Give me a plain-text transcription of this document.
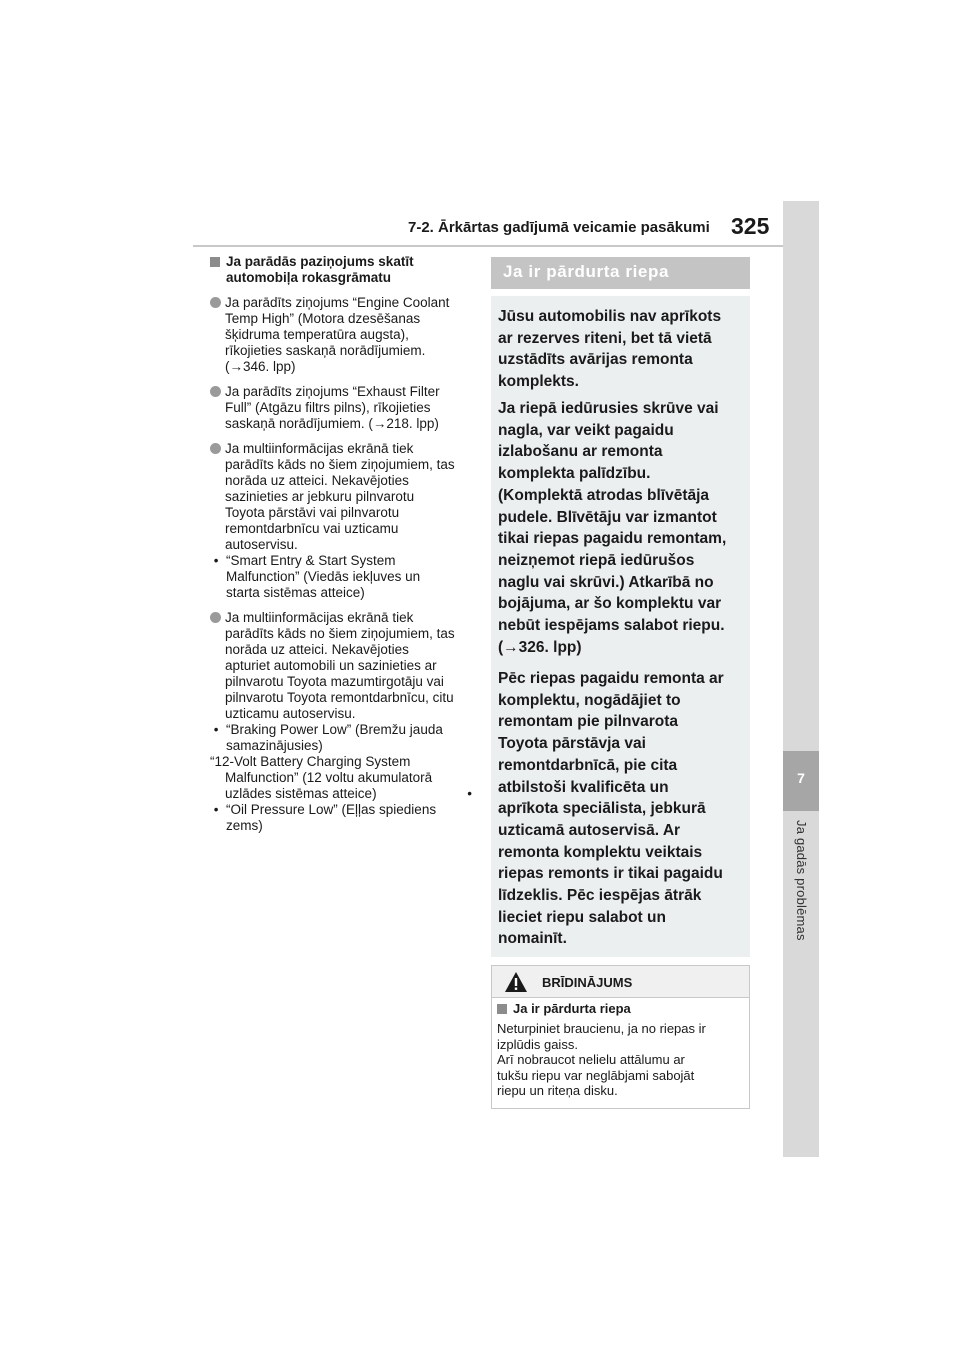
7
Ja gadās problēmas
7-2. Ārkārtas gadījumā veicamie pasākumi 325
Ja parādās paziņojums skatīt
automobiļa rokasgrāmatu
Ja parādīts ziņojums “Engine Coolant
Temp High” (Motora dzesēšanas
šķidruma temperatūra augsta),
rīkojieties saskaņā norādījumiem.
(→346. lpp)
Ja parādīts ziņojums “Exhaust Filter
Full” (Atgāzu filtrs pilns), rīkojieties
saskaņā norādījumiem. (→218. lpp)
Ja multiinformācijas ekrānā tiek
parādīts kāds no šiem ziņojumiem, tas
norāda uz atteici. Nekavējoties
sazinieties ar jebkuru pilnvarotu
Toyota pārstāvi vai pilnvarotu
remontdarbnīcu vai uzticamu
autoservisu.
• “Smart Entry & Start System
Malfunction” (Viedās iekļuves un
starta sistēmas atteice)
Ja multiinformācijas ekrānā tiek
parādīts kāds no šiem ziņojumiem, tas
norāda uz atteici. Nekavējoties
apturiet automobili un sazinieties ar
pilnvarotu Toyota mazumtirgotāju vai
pilnvarotu Toyota remontdarbnīcu, citu
uzticamu autoservisu.
• “Braking Power Low” (Bremžu jauda
samazinājusies)
“12-Volt Battery Charging System
Malfunction” (12 voltu akumulatorā
uzlādes sistēmas atteice)	•
• “Oil Pressure Low” (Eļļas spiediens
zems)
Ja ir pārdurta riepa
Jūsu automobilis nav aprīkots
ar rezerves riteni, bet tā vietā
uzstādīts avārijas remonta
komplekts.
Ja riepā iedūrusies skrūve vai
nagla, var veikt pagaidu
izlabošanu ar remonta
komplekta palīdzību.
(Komplektā atrodas blīvētāja
pudele. Blīvētāju var izmantot
tikai riepas pagaidu remontam,
neizņemot riepā iedūrušos
naglu vai skrūvi.) Atkarībā no
bojājuma, ar šo komplektu var
nebūt iespējams salabot riepu.
(→326. lpp)
Pēc riepas pagaidu remonta ar
komplektu, nogādājiet to
remontam pie pilnvarota
Toyota pārstāvja vai
remontdarbnīcā, pie cita
atbilstoši kvalificēta un
aprīkota speciālista, jebkurā
uzticamā autoservisā. Ar
remonta komplektu veiktais
riepas remonts ir tikai pagaidu
līdzeklis. Pēc iespējas ātrāk
lieciet riepu salabot un
nomainīt.
BRĪDINĀJUMS
Ja ir pārdurta riepa
Neturpiniet braucienu, ja no riepas ir
izplūdis gaiss.
Arī nobraucot nelielu attālumu ar
tukšu riepu var neglābjami sabojāt
riepu un riteņa disku.
